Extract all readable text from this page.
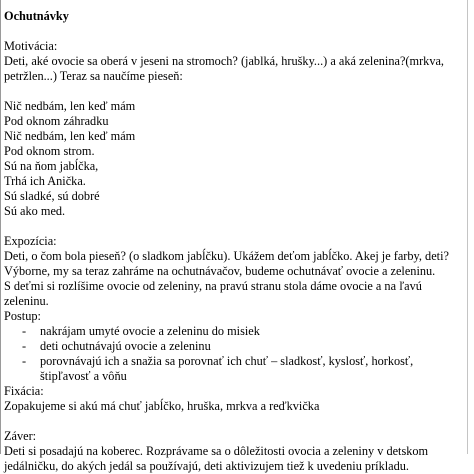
Ochutnávky

Motivácia:

Deti, aké ovocie sa oberá v jeseni na stromoch? (jablká, hrušky...) a aká zelenina?(mrkva,

petržlen...) Teraz sa naučíme pieseň:

Nič nedbám, len keď mám

Pod oknom záhradku

Nič nedbám, len keď mám

Pod oknom strom.

Sú na ňom jabĺčka,

Trhá ich Anička.

Sú sladké, sú dobré

Sú ako med.

Expozícia:

Deti, o čom bola pieseň? (o sladkom jabĺčku). Ukážem deťom jabĺčko. Akej je farby, deti?

Výborne, my sa teraz zahráme na ochutnávačov, budeme ochutnávať ovocie a zeleninu.

S deťmi si rozlíšime ovocie od zeleniny, na pravú stranu stola dáme ovocie a na ľavú

zeleninu.

Postup:

- nakrájam umyté ovocie a zeleninu do misiek
- deti ochutnávajú ovocie a zeleninu
- porovnávajú ich a snažia sa porovnať ich chuť – sladkosť, kyslosť, horkosť, štipľavosť a vôňu

Fixácia:

Zopakujeme si akú má chuť jabĺčko, hruška, mrkva a reďkvička

Záver:

Deti si posadajú na koberec. Rozprávame sa o dôležitosti ovocia a zeleniny v detskom

jedálničku, do akých jedál sa používajú, deti aktivizujem tiež k uvedeniu príkladu.
